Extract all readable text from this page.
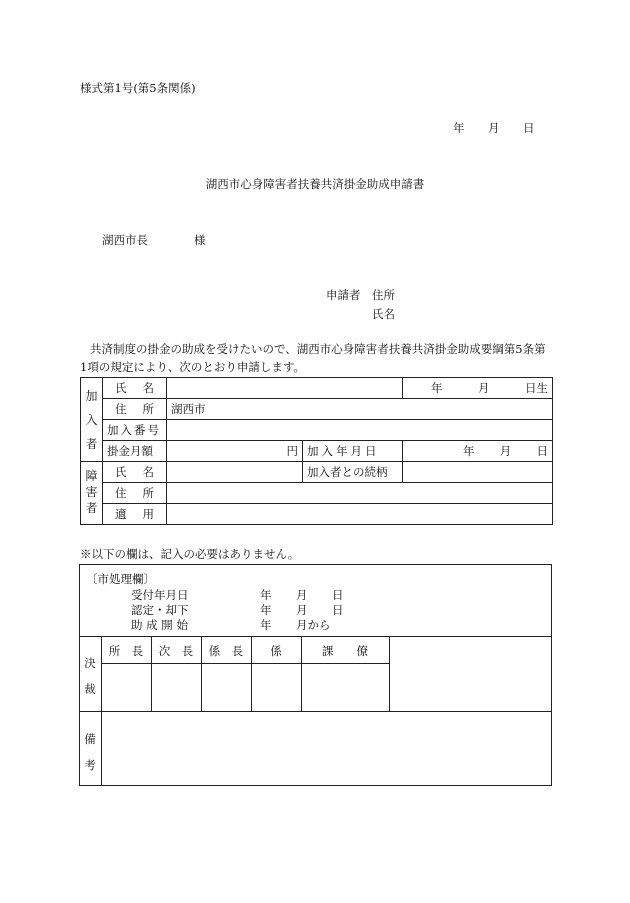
様式第1号(第5条関係)
年 月 日
湖西市心身障害者扶養共済掛金助成申請書
湖西市長	様
申請者 住所
氏名
共済制度の掛金の助成を受けたいので、湖西市心身障害者扶養共済掛金助成要綱第5条第
1項の規定により、次のとおり申請します。
加入者	氏 名			年 月 日生

	住 所	湖西市		
	加入番号			
	掛金月額	円	加入年月日	年 月 日

障害者	氏 名		加入者との続柄	

	住 所			

	適 用			

※以下の欄は、記入の必要はありません。
〔市処理欄〕
受付年月日	年 月 日
認定・却下	年 月 日
助 成 開 始	年 月から
決裁
所　長	次　長	係　長	係	課　　僚
備考
